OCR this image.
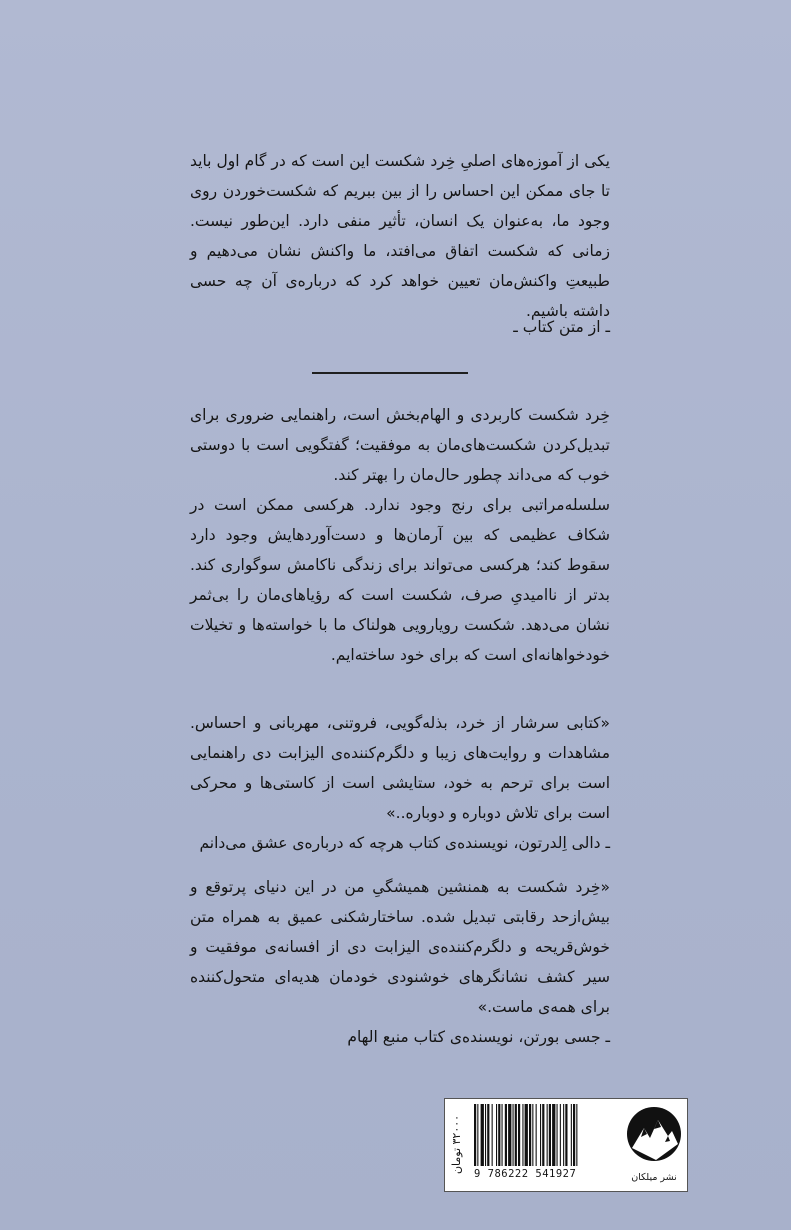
یکی از آموزه‌های اصلیِ خِرد شکست این است که در گام اول باید تا جای ممکن این احساس را از بین ببریم که شکست‌خوردن روی وجود ما، به‌عنوان یک انسان، تأثیر منفی دارد. این‌طور نیست. زمانی که شکست اتفاق می‌افتد، ما واکنش نشان می‌دهیم و طبیعتِ واکنش‌مان تعیین خواهد کرد که درباره‌ی آن چه حسی داشته باشیم.

ـ از متن کتاب ـ

خِرد شکست کاربردی و الهام‌بخش است، راهنمایی ضروری برای تبدیل‌کردن شکست‌های‌مان به موفقیت؛ گفتگویی است با دوستی خوب که می‌داند چطور حال‌مان را بهتر کند.

سلسله‌مراتبی برای رنج وجود ندارد. هرکسی ممکن است در شکاف عظیمی که بین آرمان‌ها و دست‌آوردهایش وجود دارد سقوط کند؛ هرکسی می‌تواند برای زندگی ناکامش سوگواری کند. بدتر از ناامیدیِ صرف، شکست است که رؤیاهای‌مان را بی‌ثمر نشان می‌دهد. شکست رویارویی هولناک ما با خواسته‌ها و تخیلات خودخواهانه‌ای است که برای خود ساخته‌ایم.

«کتابی سرشار از خرد، بذله‌گویی، فروتنی، مهربانی و احساس. مشاهدات و روایت‌های زیبا و دلگرم‌کننده‌ی الیزابت دی راهنمایی است برای ترحم به خود، ستایشی است از کاستی‌ها و محرکی است برای تلاش دوباره و دوباره..»

ـ دالی اِلدرتون، نویسنده‌ی کتاب هرچه که درباره‌ی عشق می‌دانم

«خِرد شکست به همنشین همیشگیِ من در این دنیای پرتوقع و بیش‌ازحد رقابتی تبدیل شده. ساختارشکنی عمیق به همراه متن خوش‌قریحه و دلگرم‌کننده‌ی الیزابت دی از افسانه‌ی موفقیت و سیر کشف نشانگرهای خوشنودی خودمان هدیه‌ای متحول‌کننده برای همه‌ی ماست.»

ـ جسی بورتن، نویسنده‌ی کتاب منبع الهام
۳۲۰۰۰ تومان
9 786222 541927	نشر میلکان
